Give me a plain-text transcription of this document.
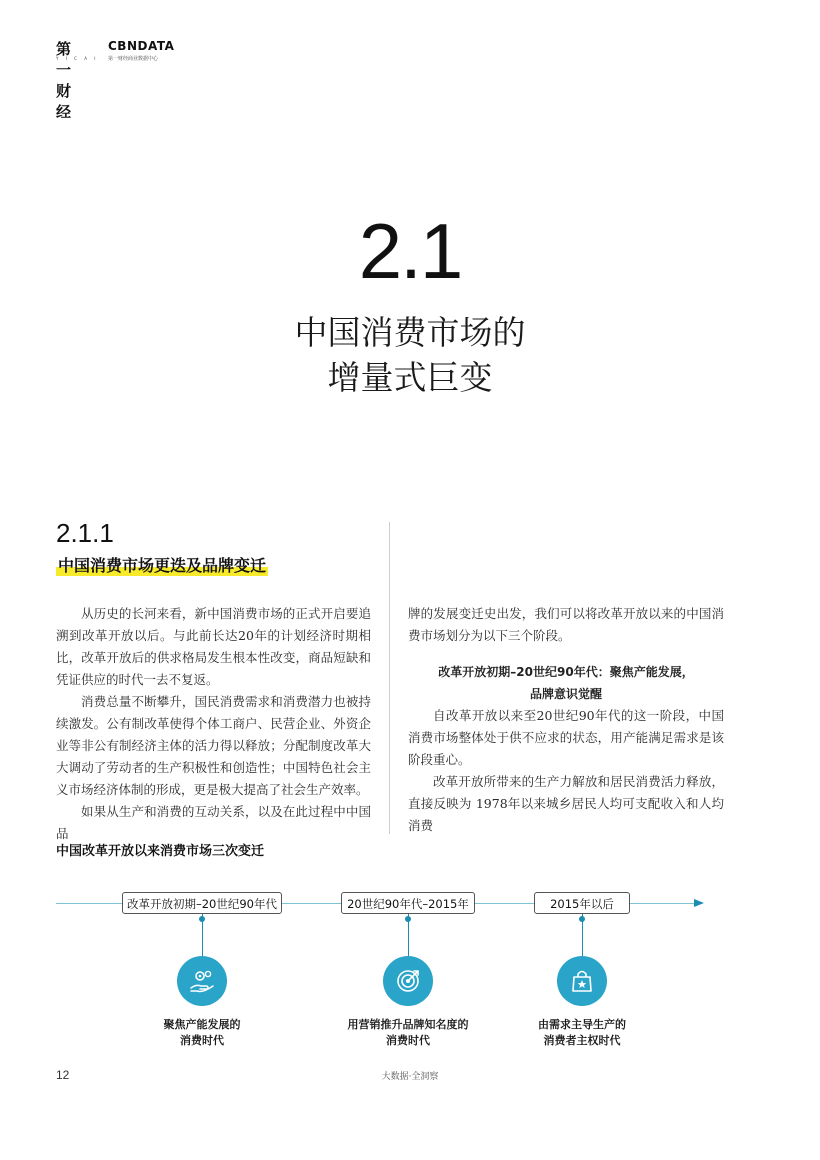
第一财经
Y I C A I
CBNDATA
第一财经商业数据中心
2.1
中国消费市场的
增量式巨变
2.1.1
中国消费市场更迭及品牌变迁

从历史的长河来看，新中国消费市场的正式开启要追溯到改革开放以后。与此前长达20年的计划经济时期相比，改革开放后的供求格局发生根本性改变，商品短缺和凭证供应的时代一去不复返。

消费总量不断攀升，国民消费需求和消费潜力也被持续激发。公有制改革使得个体工商户、民营企业、外资企业等非公有制经济主体的活力得以释放；分配制度改革大大调动了劳动者的生产积极性和创造性；中国特色社会主义市场经济体制的形成，更是极大提高了社会生产效率。

如果从生产和消费的互动关系，以及在此过程中中国品

牌的发展变迁史出发，我们可以将改革开放以来的中国消费市场划分为以下三个阶段。

改革开放初期–20世纪90年代：聚焦产能发展，
品牌意识觉醒

自改革开放以来至20世纪90年代的这一阶段，中国消费市场整体处于供不应求的状态，用产能满足需求是该阶段重心。

改革开放所带来的生产力解放和居民消费活力释放，直接反映为 1978年以来城乡居民人均可支配收入和人均消费

中国改革开放以来消费市场三次变迁
改革开放初期–20世纪90年代
聚焦产能发展的
消费时代
20世纪90年代–2015年
用营销推升品牌知名度的
消费时代
2015年以后
由需求主导生产的
消费者主权时代
12	大数据·全洞察
